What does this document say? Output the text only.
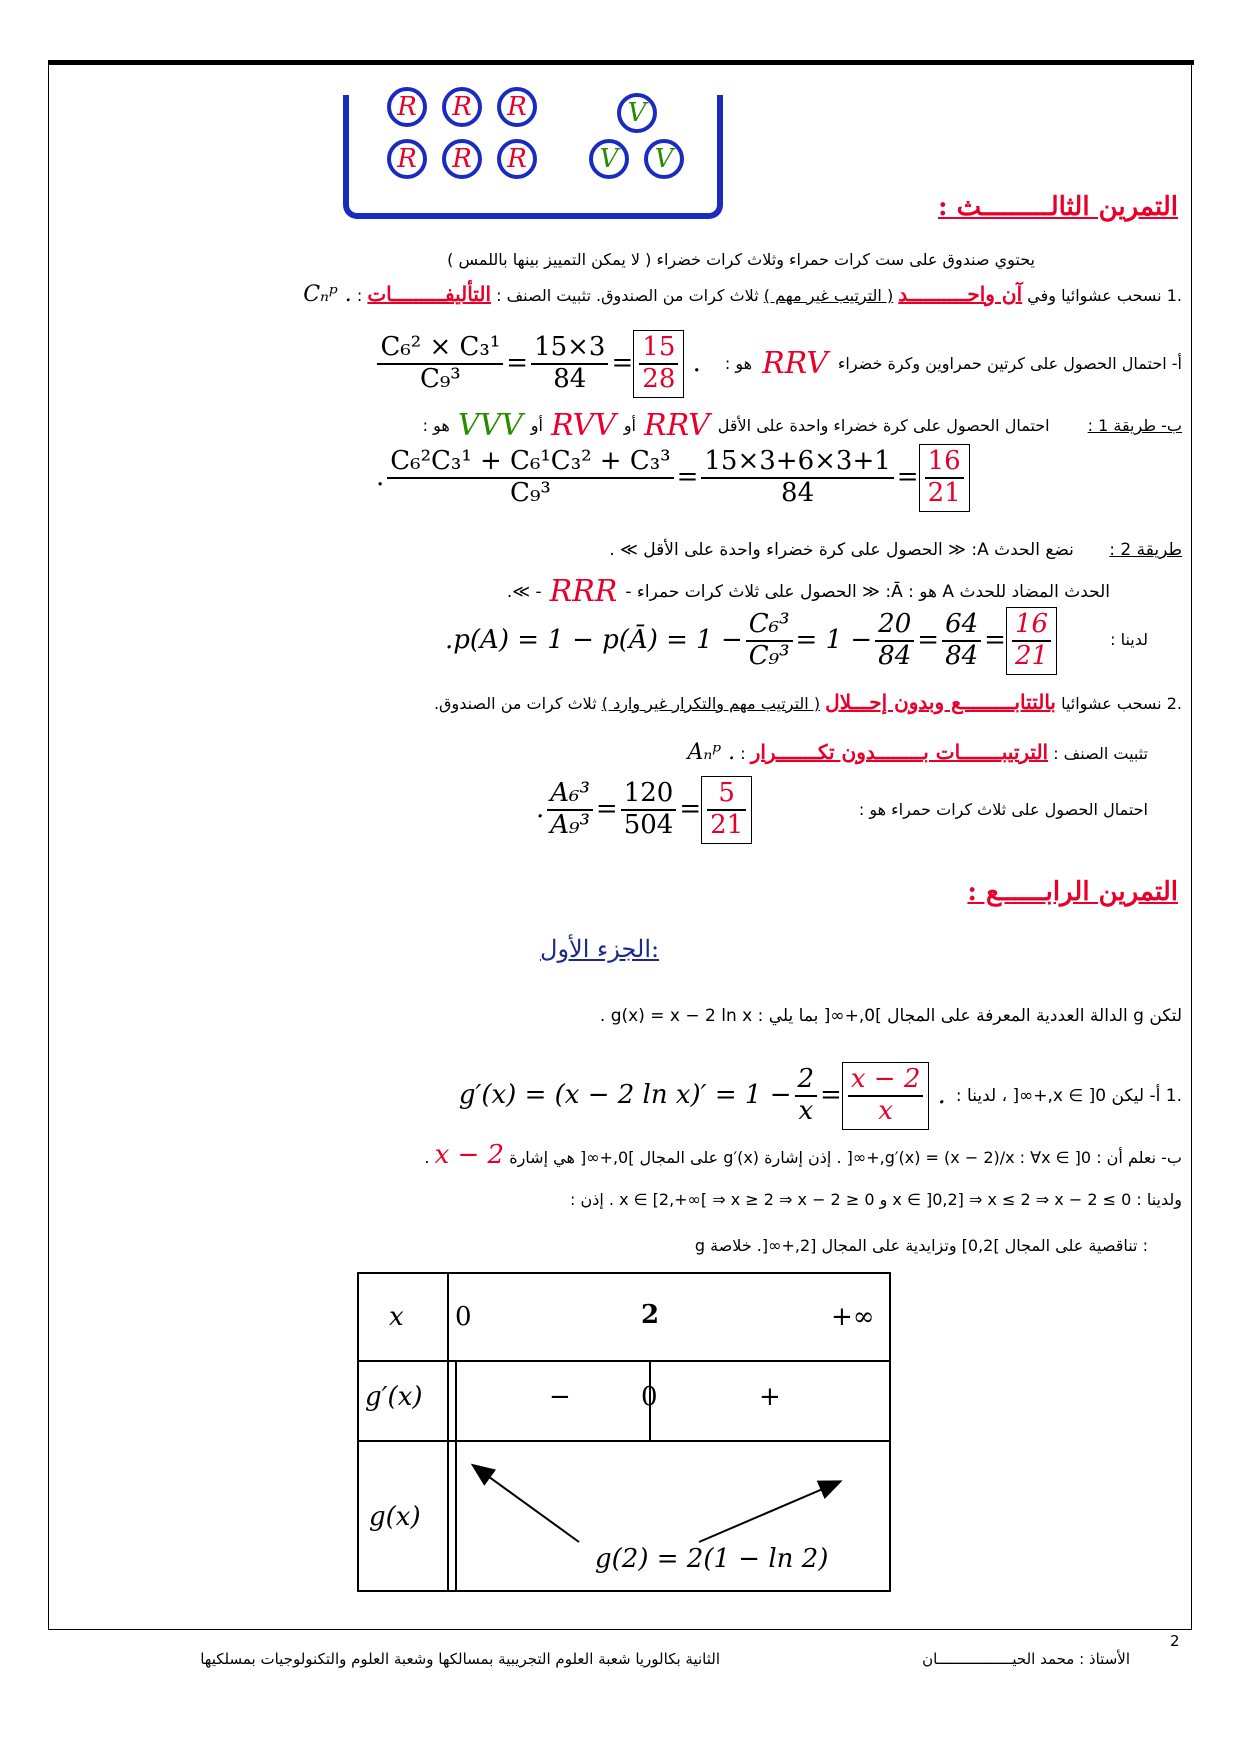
R	R	R	V
R	R	R	V	V
التمرين الثالـــــــــث :
يحتوي صندوق على ست كرات حمراء وثلاث كرات خضراء ( لا يمكن التمييز بينها باللمس )
.1 نسحب عشوائيا وفي آن واحــــــــــد ( الترتيب غير مهم ) ثلاث كرات من الصندوق. تثبيت الصنف : التأليفـــــــــات : Cₙᵖ .
أ- احتمال الحصول على كرتين حمراوين وكرة خضراء
RRV
هو :
$\frac{\text{C₆² × C₃¹}}{\text{C₉³}} = \frac{15\times 3}{84} = \frac{15}{28}$ .
ب- طريقة 1 :
احتمال الحصول على كرة خضراء واحدة على الأقل
RRV
أو
RVV
أو
VVV
هو :
. $\frac{\text{C₆²C₃¹ + C₆¹C₃² + C₃³}}{\text{C₉³}} = \frac{15\times 3+6\times 3+1}{84} = \frac{16}{21}$
طريقة 2 : نضع الحدث A: ≪ الحصول على كرة خضراء واحدة على الأقل ≫ .
الحدث المضاد للحدث A هو : Ā: ≪ الحصول على ثلاث كرات حمراء -
RRR
- ≫.
لدينا :
.p(A) = 1 − p(Ā) = $1 - \frac{\text{C₆³}}{\text{C₉³}} = 1 - \frac{20}{84} = \frac{64}{84} = \frac{16}{21}$
.2 نسحب عشوائيا بالتتابـــــــــع وبدون إحـــلال ( الترتيب مهم والتكرار غير وارد ) ثلاث كرات من الصندوق.
تثبيت الصنف : الترتيبـــــــات بــــــــدون تكـــــــرار : Aₙᵖ .
احتمال الحصول على ثلاث كرات حمراء هو :
. $\frac{\text{A₆³}}{\text{A₉³}} = \frac{120}{504} = \frac{5}{21}$
التمرين الرابــــــع :
الجزء الأول:
لتكن g الدالة العددية المعرفة على المجال ]0,+∞[ بما يلي : g(x) = x − 2 ln x .
.1 أ- ليكن x ∈ ]0,+∞[ ، لدينا :
g′(x) = (x − 2 $\ln x)' = 1 - \frac{2}{x} = \frac{x - 2}{x}$ .
ب- نعلم أن : g′(x) = (x − 2)/x : ∀x ∈ ]0,+∞[ . إذن إشارة g′(x) على المجال ]0,+∞[ هي إشارة x − 2 .
ولدينا : x ∈ ]0,2] ⇒ x ≤ 2 ⇒ x − 2 ≤ 0 و x ∈ [2,+∞[ ⇒ x ≥ 2 ⇒ x − 2 ≥ 0 . إذن :
g تناقصية على المجال ]0,2] وتزايدية على المجال [2,+∞[. خلاصة :
x 0	2	+∞
g′(x)	−	0	+
g(x)
g(2) = 2(1 − ln 2)
2
الأستاذ : محمد الحيـــــــــــــــــان
الثانية بكالوريا شعبة العلوم التجريبية بمسالكها وشعبة العلوم والتكنولوجيات بمسلكيها
